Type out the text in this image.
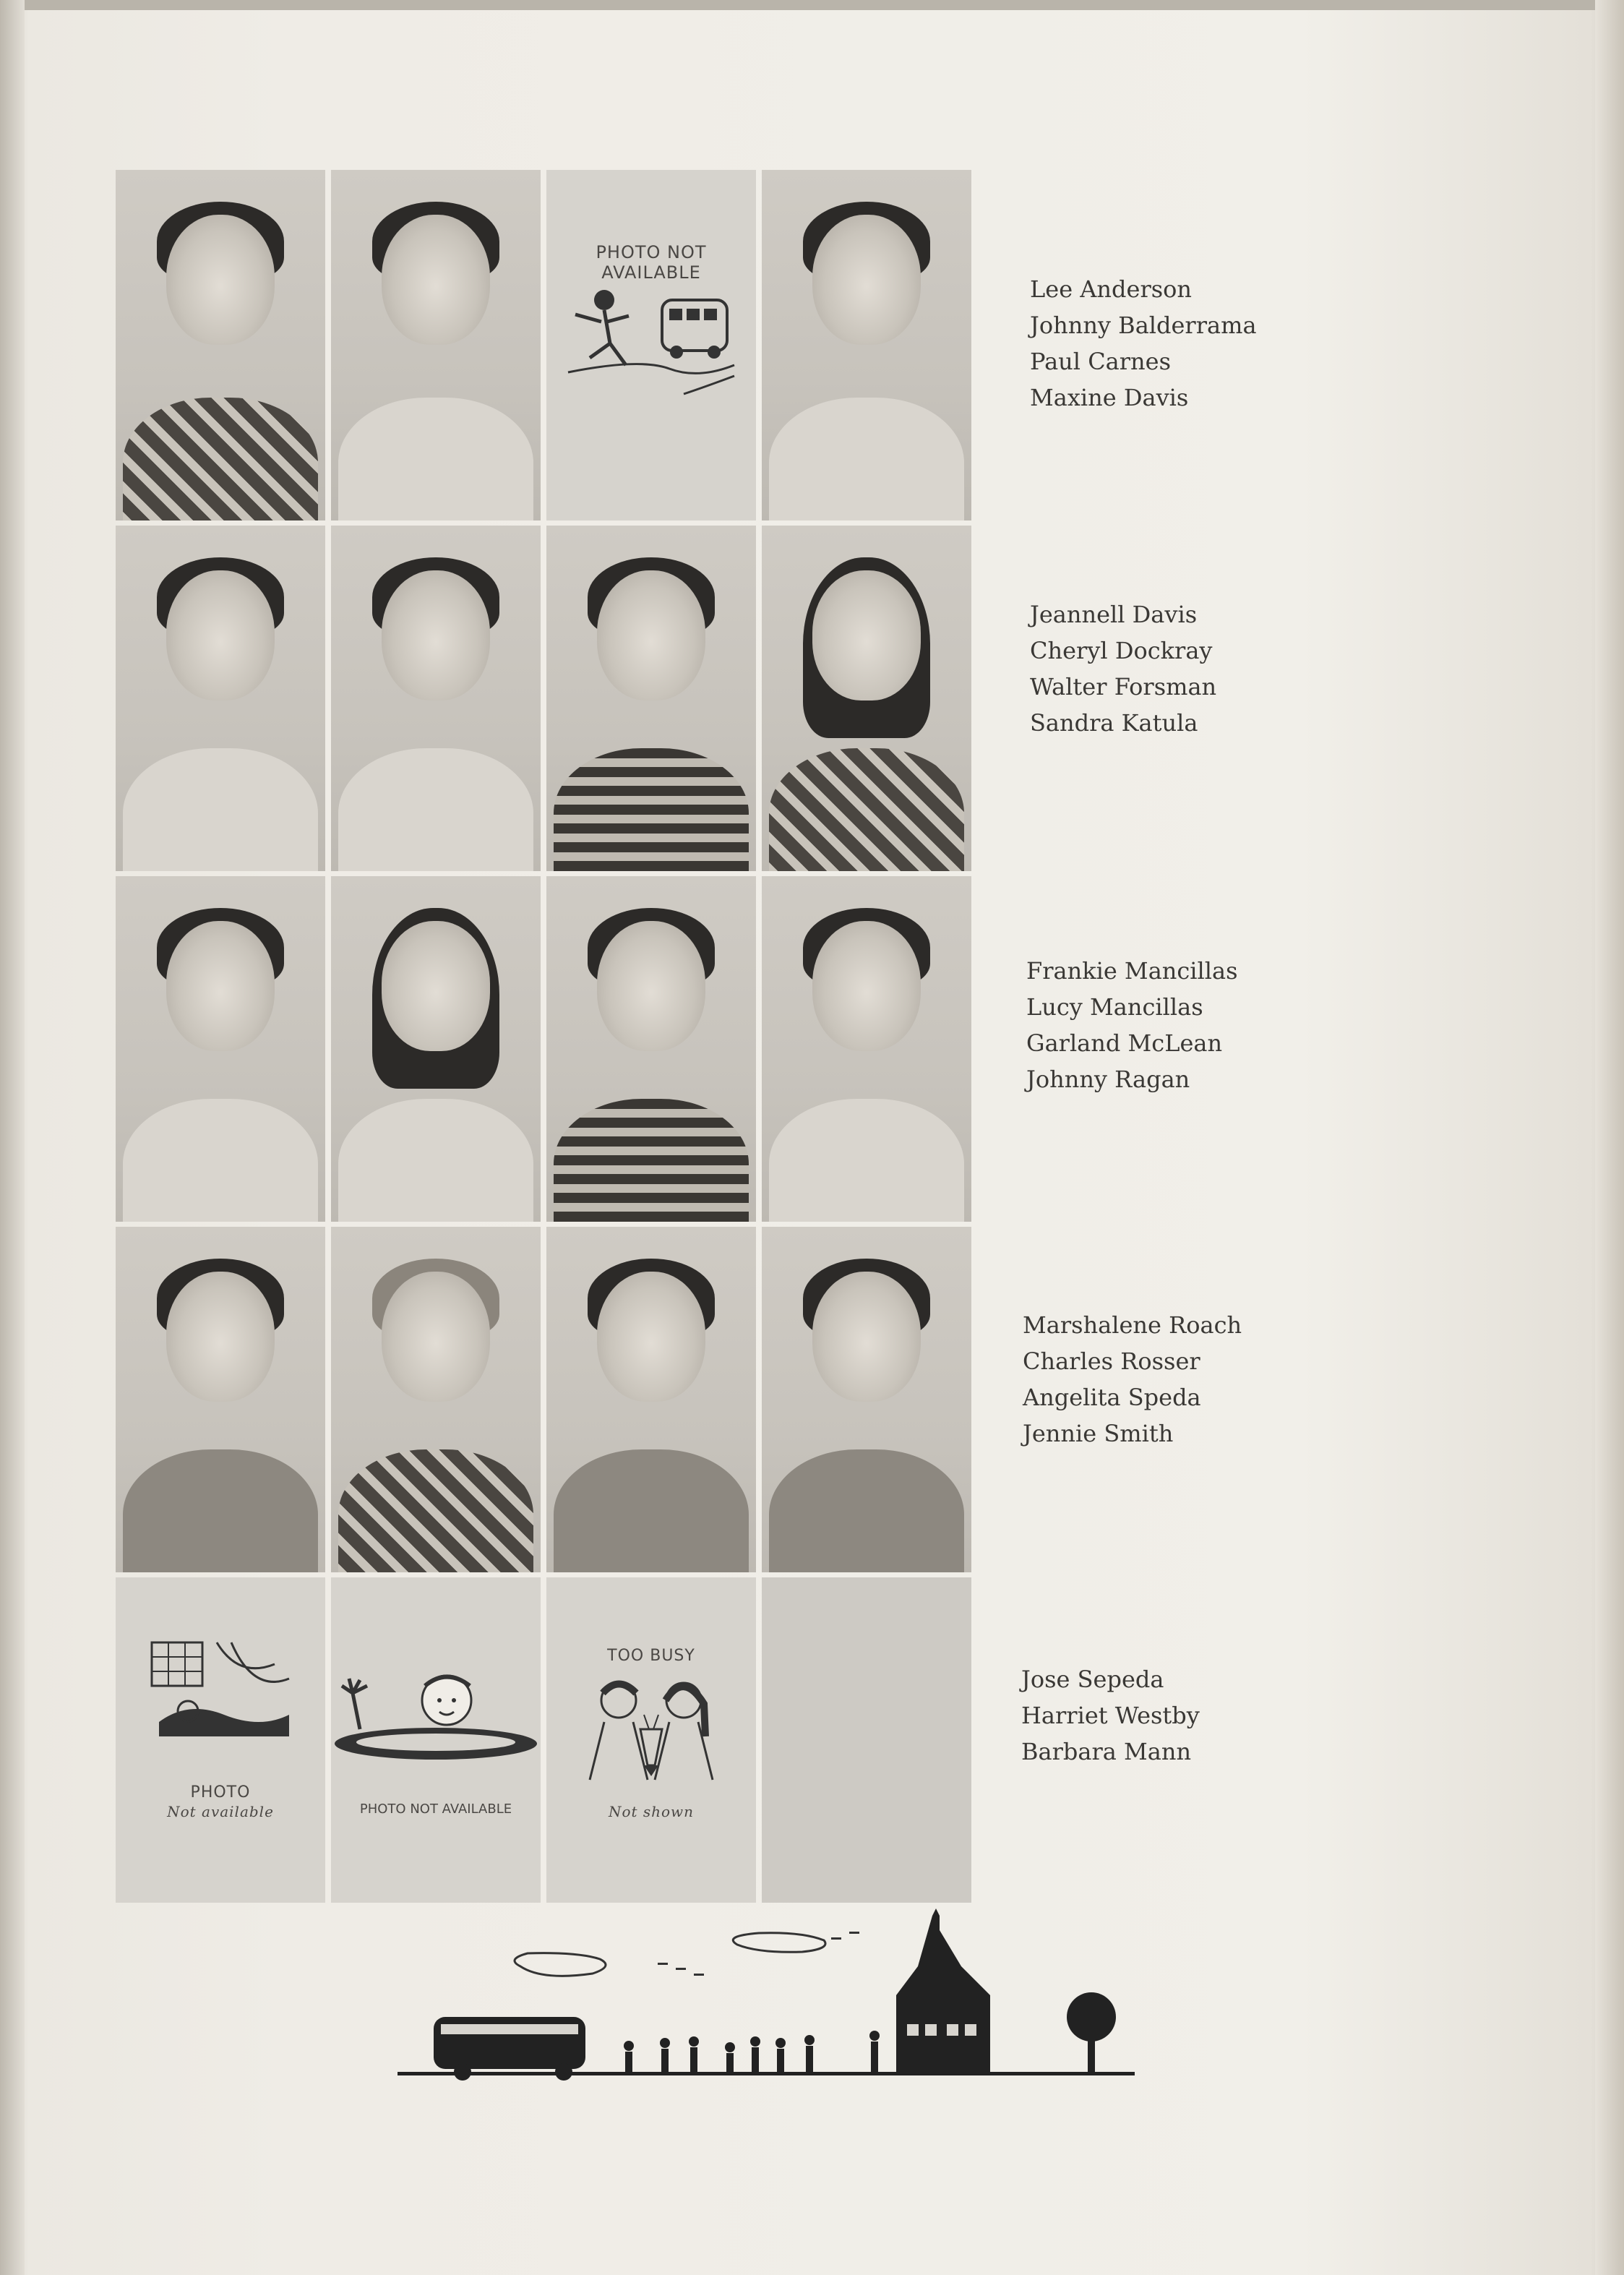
PHOTO NOT
AVAILABLE
Lee Anderson
Johnny Balderrama
Paul Carnes
Maxine Davis
Jeannell Davis
Cheryl Dockray
Walter Forsman
Sandra Katula
Frankie Mancillas
Lucy Mancillas
Garland McLean
Johnny Ragan
Marshalene Roach
Charles Rosser
Angelita Speda
Jennie Smith
PHOTO
Not available	PHOTO NOT AVAILABLE
TOO BUSY
Not shown
Jose Sepeda
Harriet Westby
Barbara Mann
